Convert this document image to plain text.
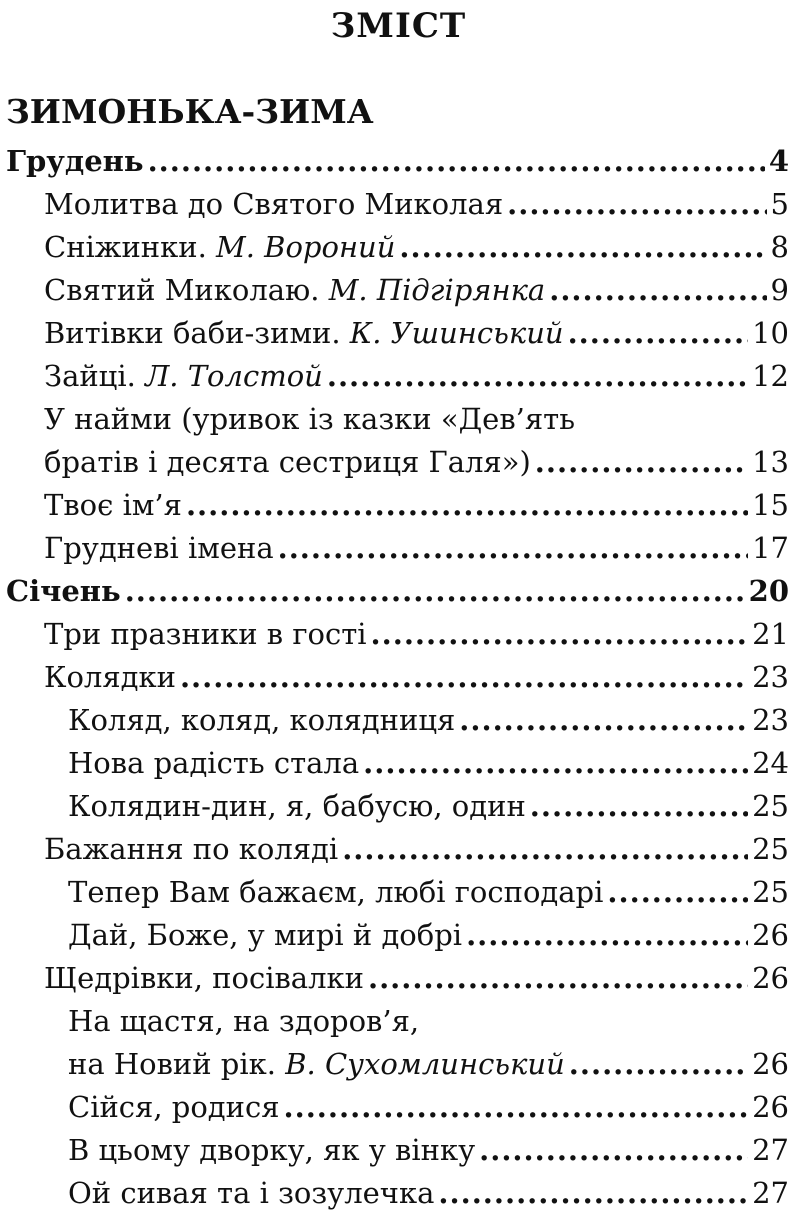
ЗМІСТ
ЗИМОНЬКА-ЗИМА
Грудень .....	4
Молитва до Святого Миколая .....	5
Сніжинки. М. Вороний .....	8
Святий Миколаю. М. Підгірянка .....	9
Витівки баби-зими. К. Ушинський .....	10
Зайці. Л. Толстой .....	12
У найми (уривок із казки «Дев’ять
братів і десята сестриця Галя») .....	13
Твоє ім’я .....	15
Грудневі імена .....	17
Січень .....	20
Три празники в гості .....	21
Колядки .....	23
Коляд, коляд, колядниця .....	23
Нова радість стала .....	24
Колядин-дин, я, бабусю, один .....	25
Бажання по коляді .....	25
Тепер Вам бажаєм, любі господарі .....	25
Дай, Боже, у мирі й добрі .....	26
Щедрівки, посівалки .....	26
На щастя, на здоров’я,
на Новий рік. В. Сухомлинський .....	26
Сійся, родися .....	26
В цьому дворку, як у вінку .....	27
Ой сивая та і зозулечка .....	27
